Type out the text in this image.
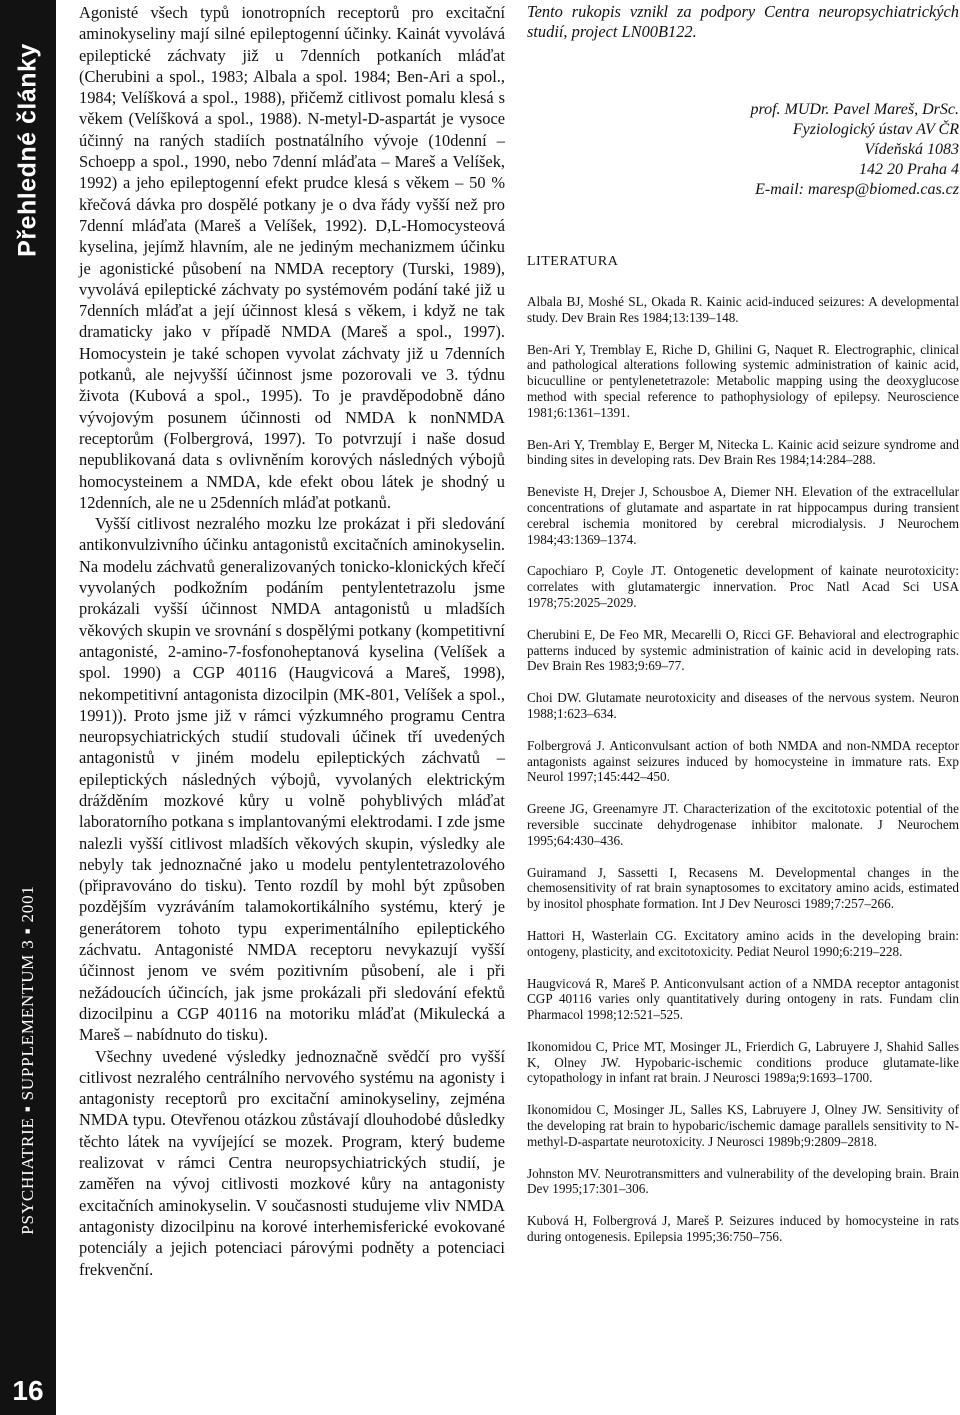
Přehledné články
PSYCHIATRIE ▪ SUPPLEMENTUM 3 ▪ 2001
16

Agonisté všech typů ionotropních receptorů pro excitační aminokyseliny mají silné epileptogenní účinky. Kainát vyvolává epileptické záchvaty již u 7denních potkaních mláďat (Cherubini a spol., 1983; Albala a spol. 1984; Ben-Ari a spol., 1984; Velíšková a spol., 1988), přičemž citlivost pomalu klesá s věkem (Velíšková a spol., 1988). N-metyl-D-aspartát je vysoce účinný na raných stadiích postnatálního vývoje (10denní – Schoepp a spol., 1990, nebo 7denní mláďata – Mareš a Velíšek, 1992) a jeho epileptogenní efekt prudce klesá s věkem – 50 % křečová dávka pro dospělé potkany je o dva řády vyšší než pro 7denní mláďata (Mareš a Velíšek, 1992). D,L-Homocysteová kyselina, jejímž hlavním, ale ne jediným mechanizmem účinku je agonistické působení na NMDA receptory (Turski, 1989), vyvolává epileptické záchvaty po systémovém podání také již u 7denních mláďat a její účinnost klesá s věkem, i když ne tak dramaticky jako v případě NMDA (Mareš a spol., 1997). Homocystein je také schopen vyvolat záchvaty již u 7denních potkanů, ale nejvyšší účinnost jsme pozorovali ve 3. týdnu života (Kubová a spol., 1995). To je pravděpodobně dáno vývojovým posunem účinnosti od NMDA k nonNMDA receptorům (Folbergrová, 1997). To potvrzují i naše dosud nepublikovaná data s ovlivněním korových následných výbojů homocysteinem a NMDA, kde efekt obou látek je shodný u 12denních, ale ne u 25denních mláďat potkanů.

Vyšší citlivost nezralého mozku lze prokázat i při sledování antikonvulzivního účinku antagonistů excitačních aminokyselin. Na modelu záchvatů generalizovaných tonicko-klonických křečí vyvolaných podkožním podáním pentylentetrazolu jsme prokázali vyšší účinnost NMDA antagonistů u mladších věkových skupin ve srovnání s dospělými potkany (kompetitivní antagonisté, 2-amino-7-fosfonoheptanová kyselina (Velíšek a spol. 1990) a CGP 40116 (Haugvicová a Mareš, 1998), nekompetitivní antagonista dizocilpin (MK-801, Velíšek a spol., 1991)). Proto jsme již v rámci výzkumného programu Centra neuropsychiatrických studií studovali účinek tří uvedených antagonistů v jiném modelu epileptických záchvatů – epileptických následných výbojů, vyvolaných elektrickým drážděním mozkové kůry u volně pohyblivých mláďat laboratorního potkana s implantovanými elektrodami. I zde jsme nalezli vyšší citlivost mladších věkových skupin, výsledky ale nebyly tak jednoznačné jako u modelu pentylentetrazolového (připravováno do tisku). Tento rozdíl by mohl být způsoben pozdějším vyzráváním talamokortikálního systému, který je generátorem tohoto typu experimentálního epileptického záchvatu. Antagonisté NMDA receptoru nevykazují vyšší účinnost jenom ve svém pozitivním působení, ale i při nežádoucích účincích, jak jsme prokázali při sledování efektů dizocilpinu a CGP 40116 na motoriku mláďat (Mikulecká a Mareš – nabídnuto do tisku).

Všechny uvedené výsledky jednoznačně svědčí pro vyšší citlivost nezralého centrálního nervového systému na agonisty i antagonisty receptorů pro excitační aminokyseliny, zejména NMDA typu. Otevřenou otázkou zůstávají dlouhodobé důsledky těchto látek na vyvíjející se mozek. Program, který budeme realizovat v rámci Centra neuropsychiatrických studií, je zaměřen na vývoj citlivosti mozkové kůry na antagonisty excitačních aminokyselin. V současnosti studujeme vliv NMDA antagonisty dizocilpinu na korové interhemisferické evokované potenciály a jejich potenciaci párovými podněty a potenciaci frekvenční.

Tento rukopis vznikl za podpory Centra neuropsychiatrických studií, project LN00B122.
prof. MUDr. Pavel Mareš, DrSc.
Fyziologický ústav AV ČR
Vídeňská 1083
142 20 Praha 4
E-mail: maresp@biomed.cas.cz
LITERATURA

Albala BJ, Moshé SL, Okada R. Kainic acid-induced seizures: A developmental study. Dev Brain Res 1984;13:139–148.

Ben-Ari Y, Tremblay E, Riche D, Ghilini G, Naquet R. Electrographic, clinical and pathological alterations following systemic administration of kainic acid, bicuculline or pentylenetetrazole: Metabolic mapping using the deoxyglucose method with special reference to pathophysiology of epilepsy. Neuroscience 1981;6:1361–1391.

Ben-Ari Y, Tremblay E, Berger M, Nitecka L. Kainic acid seizure syndrome and binding sites in developing rats. Dev Brain Res 1984;14:284–288.

Beneviste H, Drejer J, Schousboe A, Diemer NH. Elevation of the extracellular concentrations of glutamate and aspartate in rat hippocampus during transient cerebral ischemia monitored by cerebral microdialysis. J Neurochem 1984;43:1369–1374.

Capochiaro P, Coyle JT. Ontogenetic development of kainate neurotoxicity: correlates with glutamatergic innervation. Proc Natl Acad Sci USA 1978;75:2025–2029.

Cherubini E, De Feo MR, Mecarelli O, Ricci GF. Behavioral and electrographic patterns induced by systemic administration of kainic acid in developing rats. Dev Brain Res 1983;9:69–77.

Choi DW. Glutamate neurotoxicity and diseases of the nervous system. Neuron 1988;1:623–634.

Folbergrová J. Anticonvulsant action of both NMDA and non-NMDA receptor antagonists against seizures induced by homocysteine in immature rats. Exp Neurol 1997;145:442–450.

Greene JG, Greenamyre JT. Characterization of the excitotoxic potential of the reversible succinate dehydrogenase inhibitor malonate. J Neurochem 1995;64:430–436.

Guiramand J, Sassetti I, Recasens M. Developmental changes in the chemosensitivity of rat brain synaptosomes to excitatory amino acids, estimated by inositol phosphate formation. Int J Dev Neurosci 1989;7:257–266.

Hattori H, Wasterlain CG. Excitatory amino acids in the developing brain: ontogeny, plasticity, and excitotoxicity. Pediat Neurol 1990;6:219–228.

Haugvicová R, Mareš P. Anticonvulsant action of a NMDA receptor antagonist CGP 40116 varies only quantitatively during ontogeny in rats. Fundam clin Pharmacol 1998;12:521–525.

Ikonomidou C, Price MT, Mosinger JL, Frierdich G, Labruyere J, Shahid Salles K, Olney JW. Hypobaric-ischemic conditions produce glutamate-like cytopathology in infant rat brain. J Neurosci 1989a;9:1693–1700.

Ikonomidou C, Mosinger JL, Salles KS, Labruyere J, Olney JW. Sensitivity of the developing rat brain to hypobaric/ischemic damage parallels sensitivity to N-methyl-D-aspartate neurotoxicity. J Neurosci 1989b;9:2809–2818.

Johnston MV. Neurotransmitters and vulnerability of the developing brain. Brain Dev 1995;17:301–306.

Kubová H, Folbergrová J, Mareš P. Seizures induced by homocysteine in rats during ontogenesis. Epilepsia 1995;36:750–756.
